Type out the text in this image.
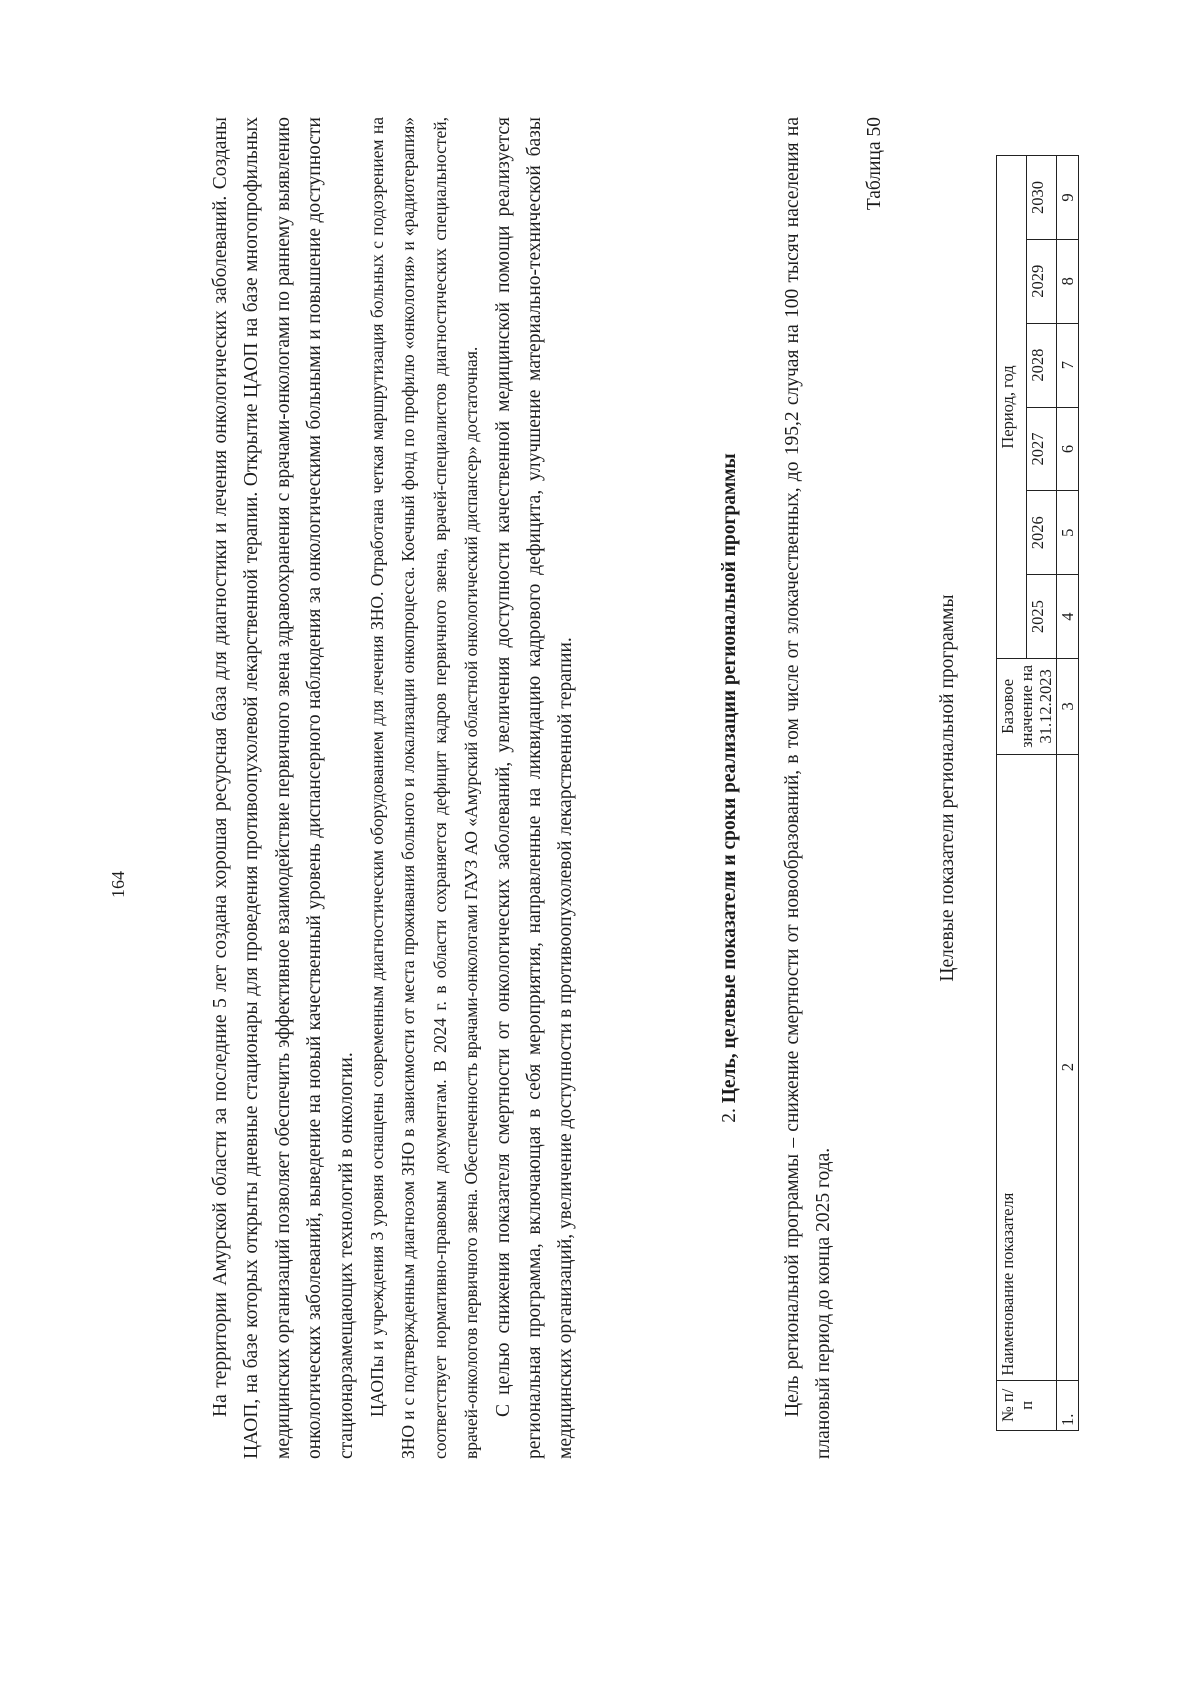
164	На территории Амурской области за последние 5 лет создана хорошая ресурсная база для диагностики и лечения онкологических заболеваний. Созданы ЦАОП, на базе которых открыты дневные стационары для проведения противоопухолевой лекарственной терапии. Открытие ЦАОП на базе многопрофильных медицинских организаций позволяет обеспечить эффективное взаимодействие первичного звена здравоохранения с врачами-онкологами по раннему выявлению онкологических заболеваний, выведение на новый качественный уровень диспансерного наблюдения за онкологическими больными и повышение доступности стационарзамещающих технологий в онкологии. ЦАОПы и учреждения 3 уровня оснащены современным диагностическим оборудованием для лечения ЗНО. Отработана четкая маршрутизация больных с подозрением на ЗНО и с подтвержденным диагнозом ЗНО в зависимости от места проживания больного и локализации онкопроцесса. Коечный фонд по профилю «онкология» и «радиотерапия» соответствует нормативно-правовым документам. В 2024 г. в области сохраняется дефицит кадров первичного звена, врачей-специалистов диагностических специальностей, врачей-онкологов первичного звена. Обеспеченность врачами-онкологами ГАУЗ АО «Амурский областной онкологический диспансер» достаточная. С целью снижения показателя смертности от онкологических заболеваний, увеличения доступности качественной медицинской помощи реализуется региональная программа, включающая в себя мероприятия, направленные на ликвидацию кадрового дефицита, улучшение материально-технической базы медицинских организаций, увеличение доступности в противоопухолевой лекарственной терапии.	2. Цель, целевые показатели и сроки реализации региональной программы Цель региональной программы – снижение смертности от новообразований, в том числе от злокачественных, до 195,2 случая на 100 тысяч населения на плановый период до конца 2025 года.

Таблица 50
Целевые показатели региональной программы
№ п/п	Наименование показателя	Базовое значение на 31.12.2023	Период, год					
			2025	2026	2027	2028	2029	2030
1.	2	3	4	5	6	7	8	9
